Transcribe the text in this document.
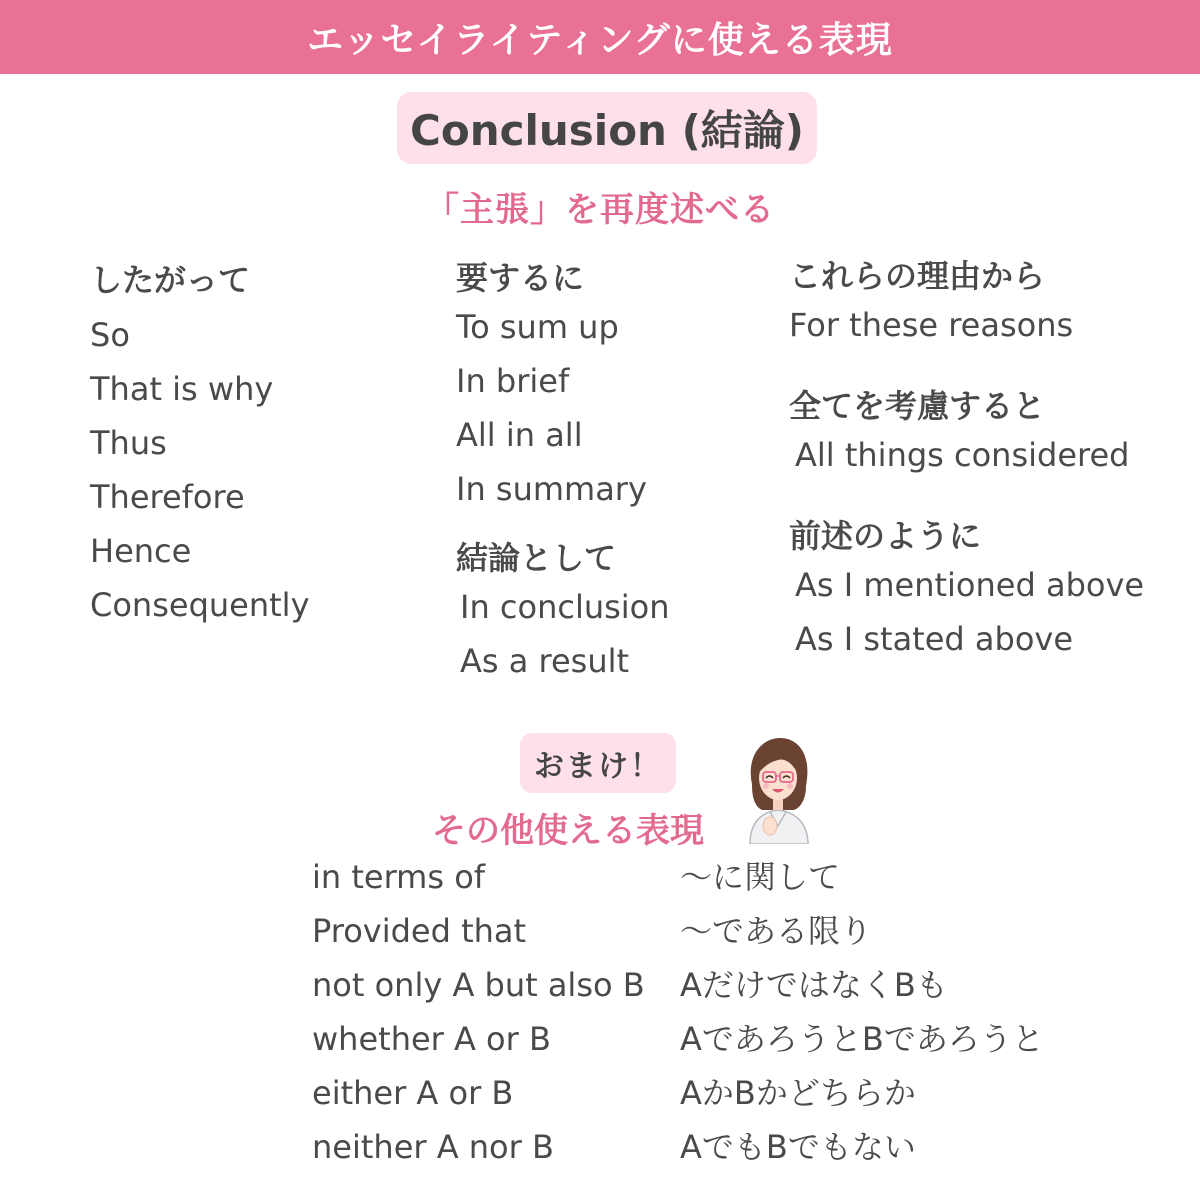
エッセイライティングに使える表現
Conclusion (結論)
「主張」を再度述べる
したがって
So
That is why
Thus
Therefore
Hence
Consequently
要するに
To sum up
In brief
All in all
In summary
結論として
In conclusion
As a result
これらの理由から
For these reasons
全てを考慮すると
All things considered
前述のように
As I mentioned above
As I stated above
おまけ！
その他使える表現
in terms of
Provided that
not only A but also B
whether A or B
either A or B
neither A nor B
〜に関して
〜である限り
AだけではなくBも
AであろうとBであろうと
AかBかどちらか
AでもBでもない
